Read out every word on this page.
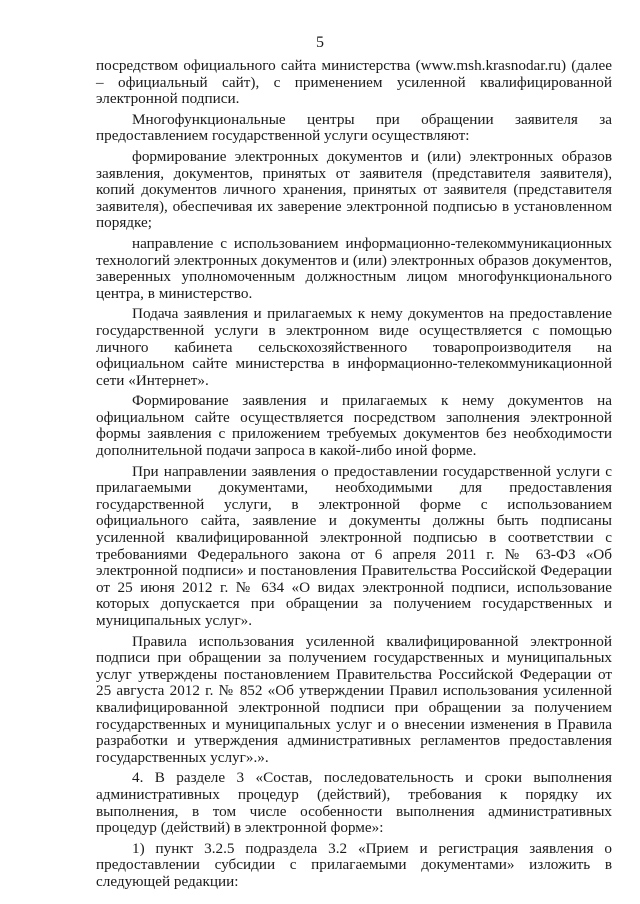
5

посредством официального сайта министерства (www.msh.krasnodar.ru) (далее – официальный сайт), с применением усиленной квалифицированной электронной подписи.

Многофункциональные центры при обращении заявителя за предоставлением государственной услуги осуществляют:

формирование электронных документов и (или) электронных образов заявления, документов, принятых от заявителя (представителя заявителя), копий документов личного хранения, принятых от заявителя (представителя заявителя), обеспечивая их заверение электронной подписью в установленном порядке;

направление с использованием информационно-телекоммуникационных технологий электронных документов и (или) электронных образов документов, заверенных уполномоченным должностным лицом многофункционального центра, в министерство.

Подача заявления и прилагаемых к нему документов на предоставление государственной услуги в электронном виде осуществляется с помощью личного кабинета сельскохозяйственного товаропроизводителя на официальном сайте министерства в информационно-телекоммуникационной сети «Интернет».

Формирование заявления и прилагаемых к нему документов на официальном сайте осуществляется посредством заполнения электронной формы заявления с приложением требуемых документов без необходимости дополнительной подачи запроса в какой-либо иной форме.

При направлении заявления о предоставлении государственной услуги с прилагаемыми документами, необходимыми для предоставления государственной услуги, в электронной форме с использованием официального сайта, заявление и документы должны быть подписаны усиленной квалифицированной электронной подписью в соответствии с требованиями Федерального закона от 6 апреля 2011 г. № 63-ФЗ «Об электронной подписи» и постановления Правительства Российской Федерации от 25 июня 2012 г. № 634 «О видах электронной подписи, использование которых допускается при обращении за получением государственных и муниципальных услуг».

Правила использования усиленной квалифицированной электронной подписи при обращении за получением государственных и муниципальных услуг утверждены постановлением Правительства Российской Федерации от 25 августа 2012 г. № 852 «Об утверждении Правил использования усиленной квалифицированной электронной подписи при обращении за получением государственных и муниципальных услуг и о внесении изменения в Правила разработки и утверждения административных регламентов предоставления государственных услуг».».

4. В разделе 3 «Состав, последовательность и сроки выполнения административных процедур (действий), требования к порядку их выполнения, в том числе особенности выполнения административных процедур (действий) в электронной форме»:

1) пункт 3.2.5 подраздела 3.2 «Прием и регистрация заявления о предоставлении субсидии с прилагаемыми документами» изложить в следующей редакции:
